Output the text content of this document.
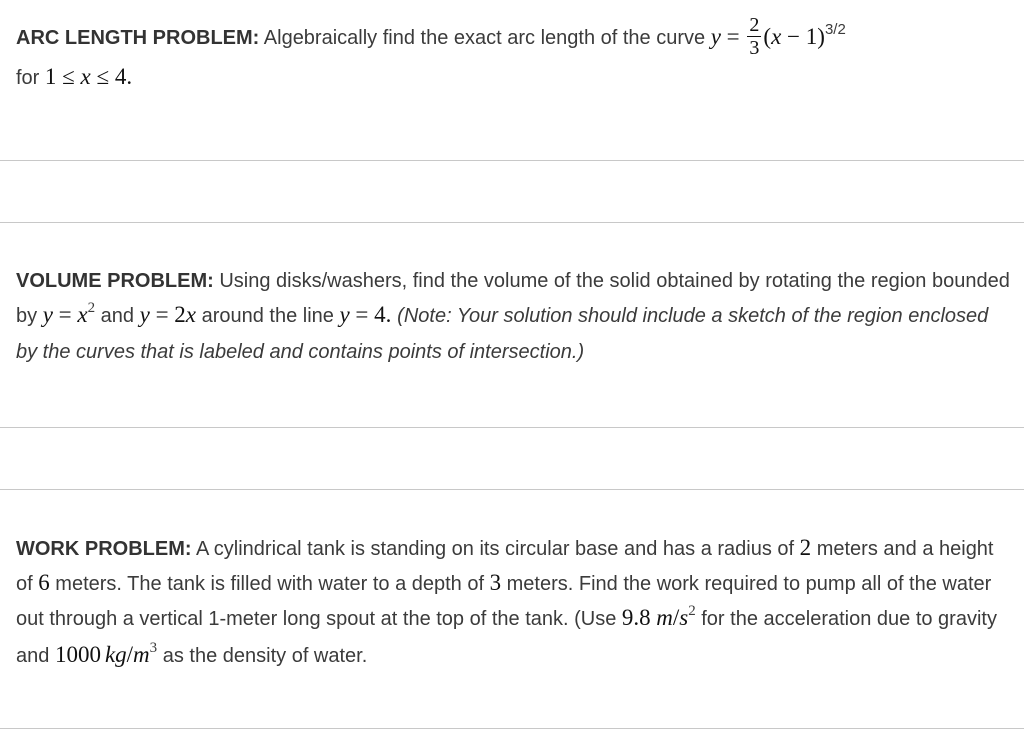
ARC LENGTH PROBLEM: Algebraically find the exact arc length of the curve $y = \frac{2}{3} (x - 1)^{3/2}$
for 1 ≤ x ≤ 4.
VOLUME PROBLEM: Using disks/washers, find the volume of the solid obtained by rotating the region bounded by $y = x^2$ and y = 2x around the line y = 4. (Note: Your solution should include a sketch of the region enclosed by the curves that is labeled and contains points of intersection.)
WORK PROBLEM: A cylindrical tank is standing on its circular base and has a radius of 2 meters and a height of 6 meters. The tank is filled with water to a depth of 3 meters. Find the work required to pump all of the water out through a vertical 1-meter long spout at the top of the tank. (Use 9.8 $m/s^2$ for the acceleration due to gravity and 1000 $kg/m^3$ as the density of water.
